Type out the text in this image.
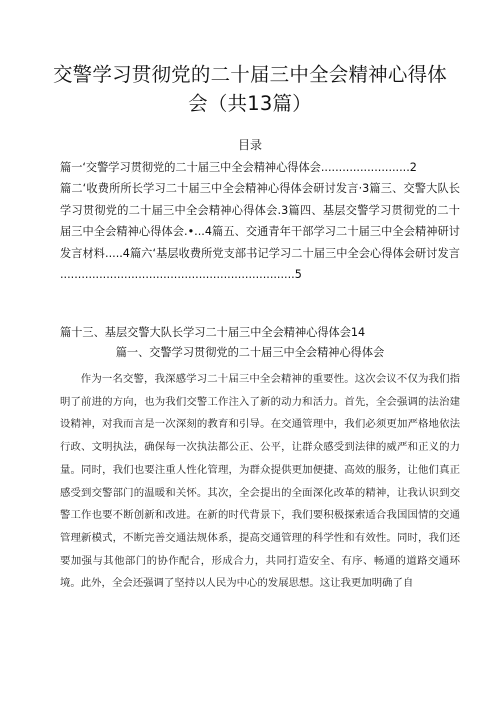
交警学习贯彻党的二十届三中全会精神心得体
会（共13篇）
目录

篇一‘交警学习贯彻党的二十届三中全会精神心得体会.........................2

篇二‘收费所所长学习二十届三中全会精神心得体会研讨发言·3篇三、交警大队长学习贯彻党的二十届三中全会精神心得体会.3篇四、基层交警学习贯彻党的二十届三中全会精神心得体会.•...4篇五、交通青年干部学习二十届三中全会精神研讨发言材料.....4篇六‘基层收费所党支部书记学习二十届三中全会心得体会研讨发言 ..................................................................5

篇十三、基层交警大队长学习二十届三中全会精神心得体会14

篇一、交警学习贯彻党的二十届三中全会精神心得体会

作为一名交警，我深感学习二十届三中全会精神的重要性。这次会议不仅为我们指明了前进的方向，也为我们交警工作注入了新的动力和活力。首先，全会强调的法治建设精神，对我而言是一次深刻的教育和引导。在交通管理中，我们必须更加严格地依法行政、文明执法，确保每一次执法都公正、公平，让群众感受到法律的威严和正义的力量。同时，我们也要注重人性化管理，为群众提供更加便捷、高效的服务，让他们真正感受到交警部门的温暖和关怀。其次，全会提出的全面深化改革的精神，让我认识到交警工作也要不断创新和改进。在新的时代背景下，我们要积极探索适合我国国情的交通管理新模式，不断完善交通法规体系，提高交通管理的科学性和有效性。同时，我们还要加强与其他部门的协作配合，形成合力，共同打造安全、有序、畅通的道路交通环境。此外，全会还强调了坚持以人民为中心的发展思想。这让我更加明确了自
